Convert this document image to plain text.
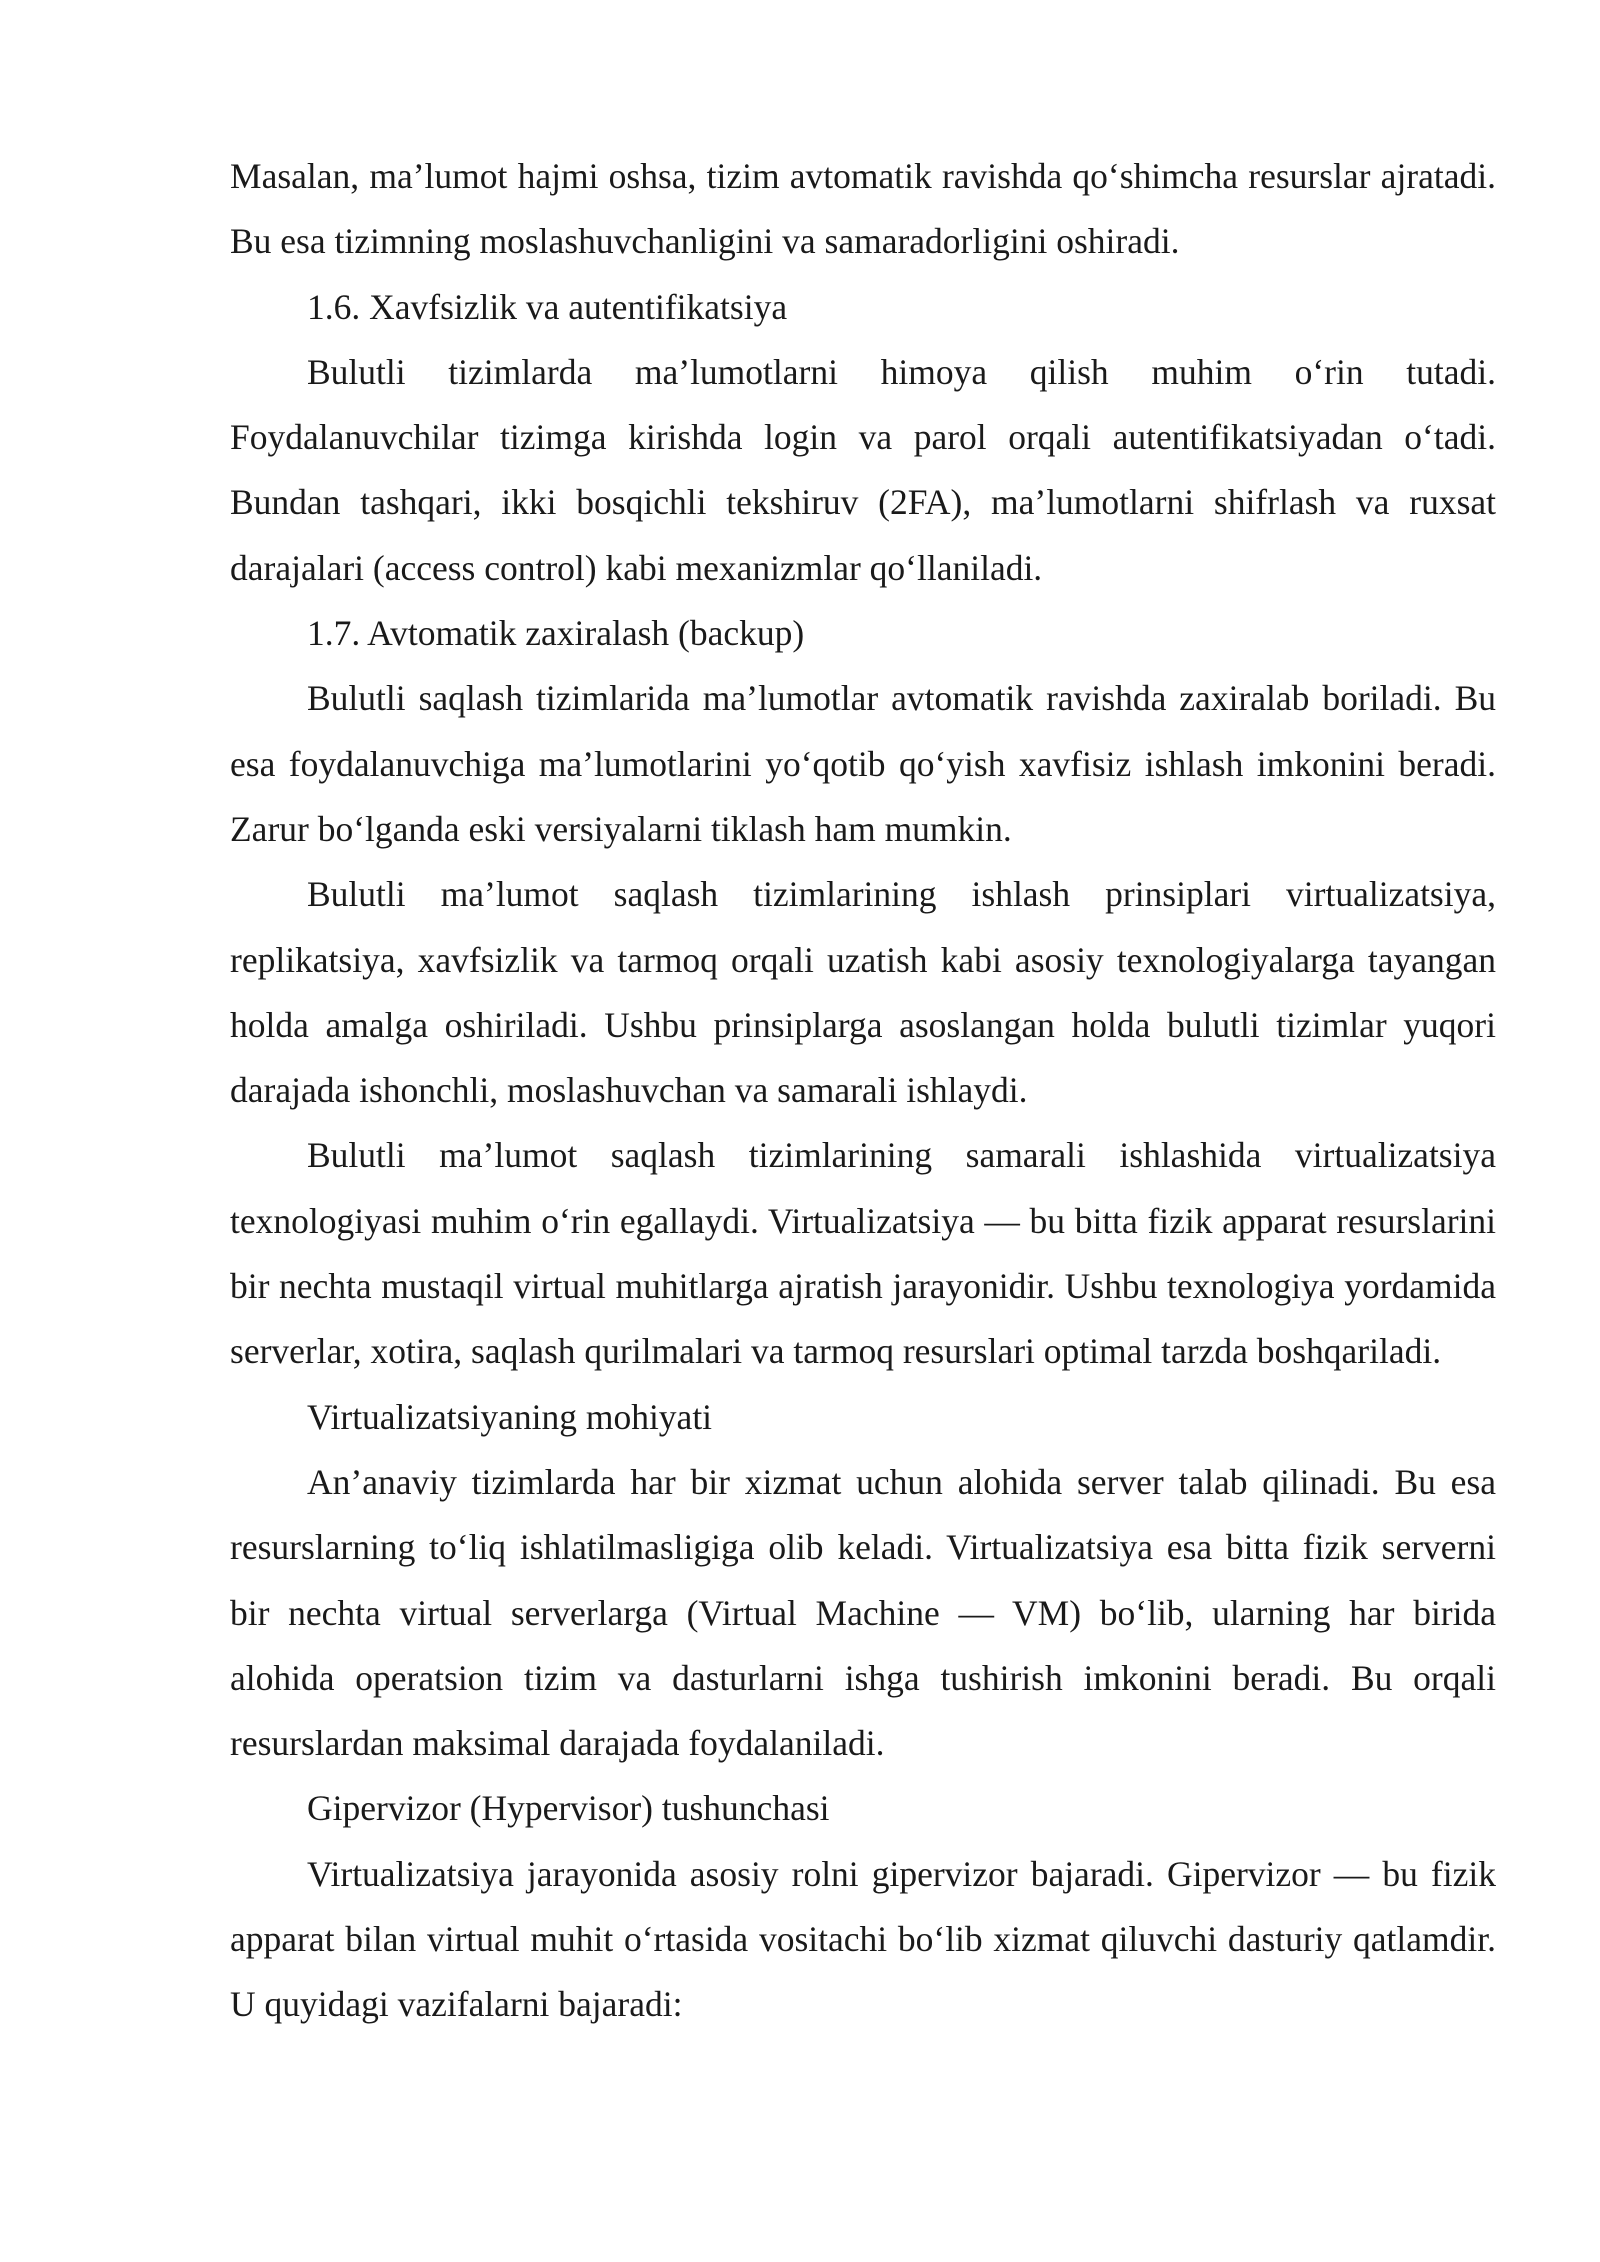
Masalan, ma’lumot hajmi oshsa, tizim avtomatik ravishda qo‘shimcha resurslar ajratadi. Bu esa tizimning moslashuvchanligini va samaradorligini oshiradi.

1.6. Xavfsizlik va autentifikatsiya

Bulutli tizimlarda ma’lumotlarni himoya qilish muhim o‘rin tutadi. Foydalanuvchilar tizimga kirishda login va parol orqali autentifikatsiyadan o‘tadi. Bundan tashqari, ikki bosqichli tekshiruv (2FA), ma’lumotlarni shifrlash va ruxsat darajalari (access control) kabi mexanizmlar qo‘llaniladi.

1.7. Avtomatik zaxiralash (backup)

Bulutli saqlash tizimlarida ma’lumotlar avtomatik ravishda zaxiralab boriladi. Bu esa foydalanuvchiga ma’lumotlarini yo‘qotib qo‘yish xavfisiz ishlash imkonini beradi. Zarur bo‘lganda eski versiyalarni tiklash ham mumkin.

Bulutli ma’lumot saqlash tizimlarining ishlash prinsiplari virtualizatsiya, replikatsiya, xavfsizlik va tarmoq orqali uzatish kabi asosiy texnologiyalarga tayangan holda amalga oshiriladi. Ushbu prinsiplarga asoslangan holda bulutli tizimlar yuqori darajada ishonchli, moslashuvchan va samarali ishlaydi.

Bulutli ma’lumot saqlash tizimlarining samarali ishlashida virtualizatsiya texnologiyasi muhim o‘rin egallaydi. Virtualizatsiya — bu bitta fizik apparat resurslarini bir nechta mustaqil virtual muhitlarga ajratish jarayonidir. Ushbu texnologiya yordamida serverlar, xotira, saqlash qurilmalari va tarmoq resurslari optimal tarzda boshqariladi.

Virtualizatsiyaning mohiyati

An’anaviy tizimlarda har bir xizmat uchun alohida server talab qilinadi. Bu esa resurslarning to‘liq ishlatilmasligiga olib keladi. Virtualizatsiya esa bitta fizik serverni bir nechta virtual serverlarga (Virtual Machine — VM) bo‘lib, ularning har birida alohida operatsion tizim va dasturlarni ishga tushirish imkonini beradi. Bu orqali resurslardan maksimal darajada foydalaniladi.

Gipervizor (Hypervisor) tushunchasi

Virtualizatsiya jarayonida asosiy rolni gipervizor bajaradi. Gipervizor — bu fizik apparat bilan virtual muhit o‘rtasida vositachi bo‘lib xizmat qiluvchi dasturiy qatlamdir. U quyidagi vazifalarni bajaradi:
